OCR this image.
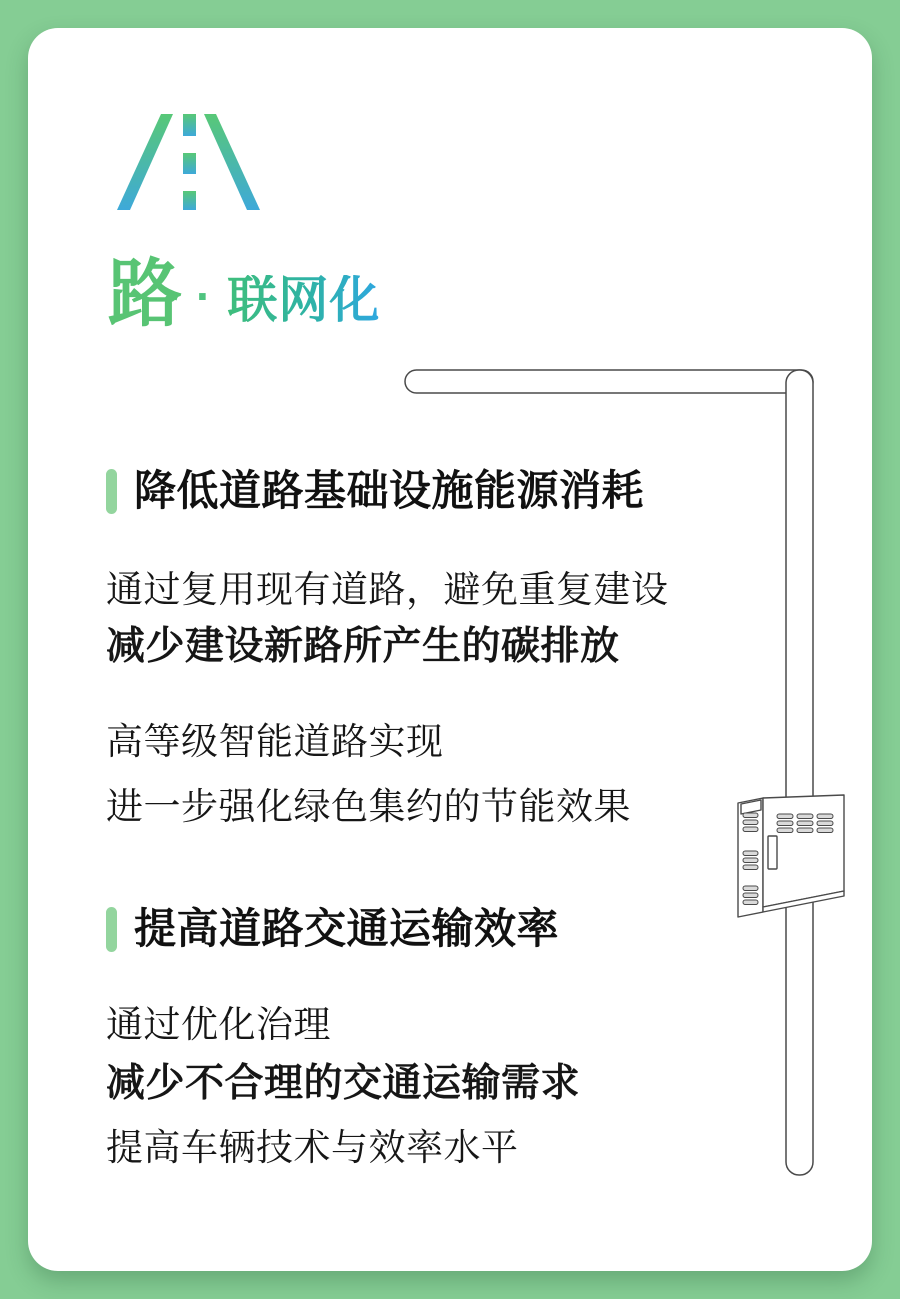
路 · 联网化
降低道路基础设施能源消耗
通过复用现有道路，避免重复建设
减少建设新路所产生的碳排放
高等级智能道路实现
进一步强化绿色集约的节能效果
提高道路交通运输效率
通过优化治理
减少不合理的交通运输需求
提高车辆技术与效率水平
